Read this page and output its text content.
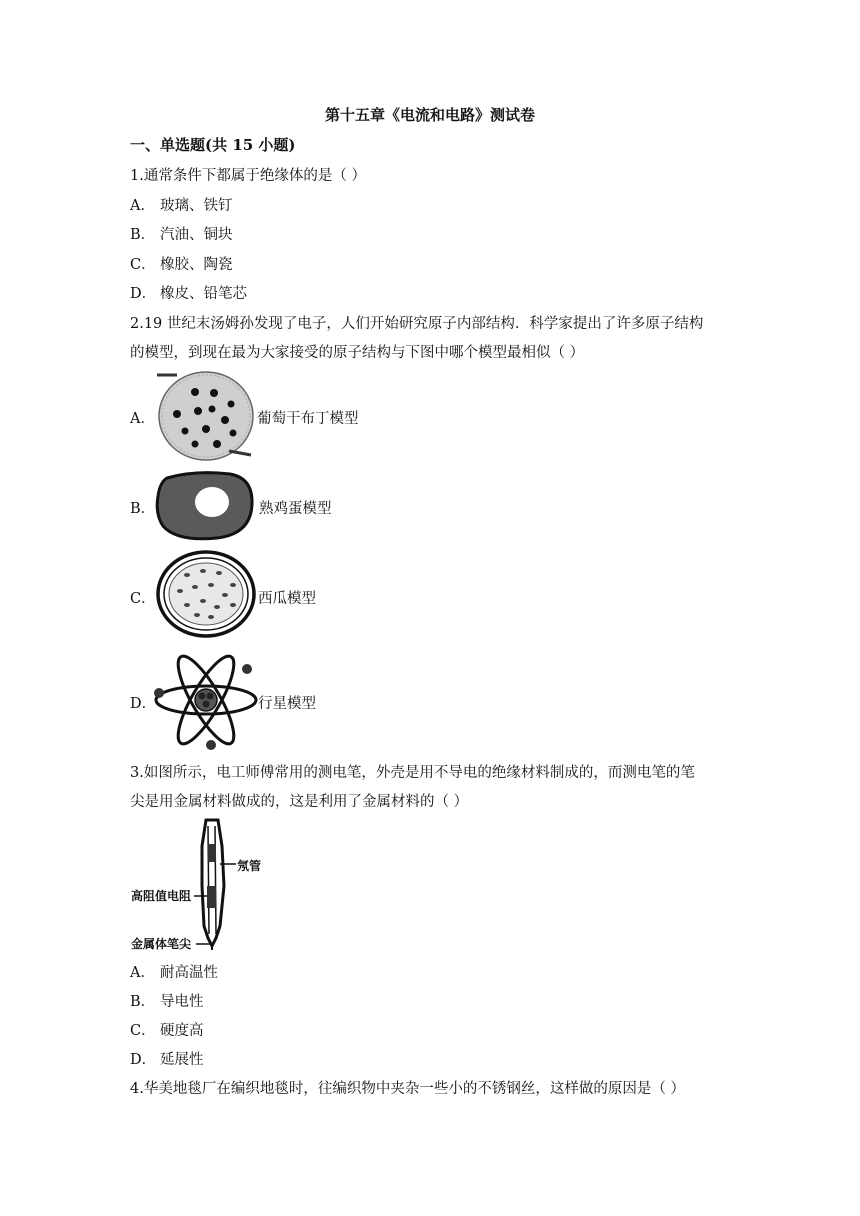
第十五章《电流和电路》测试卷
一、单选题(共 15 小题)
1.通常条件下都属于绝缘体的是（ ）
A． 玻璃、铁钉
B． 汽油、铜块
C． 橡胶、陶瓷
D． 橡皮、铅笔芯
2.19 世纪末汤姆孙发现了电子，人们开始研究原子内部结构．科学家提出了许多原子结构
的模型，到现在最为大家接受的原子结构与下图中哪个模型最相似（ ）
A．	葡萄干布丁模型
B．	熟鸡蛋模型
C．	西瓜模型
D．	行星模型
3.如图所示，电工师傅常用的测电笔，外壳是用不导电的绝缘材料制成的，而测电笔的笔
尖是用金属材料做成的，这是利用了金属材料的（ ）
氖管
高阻值电阻
金属体笔尖
A． 耐高温性
B． 导电性
C． 硬度高
D． 延展性
4.华美地毯厂在编织地毯时，往编织物中夹杂一些小的不锈钢丝，这样做的原因是（ ）
